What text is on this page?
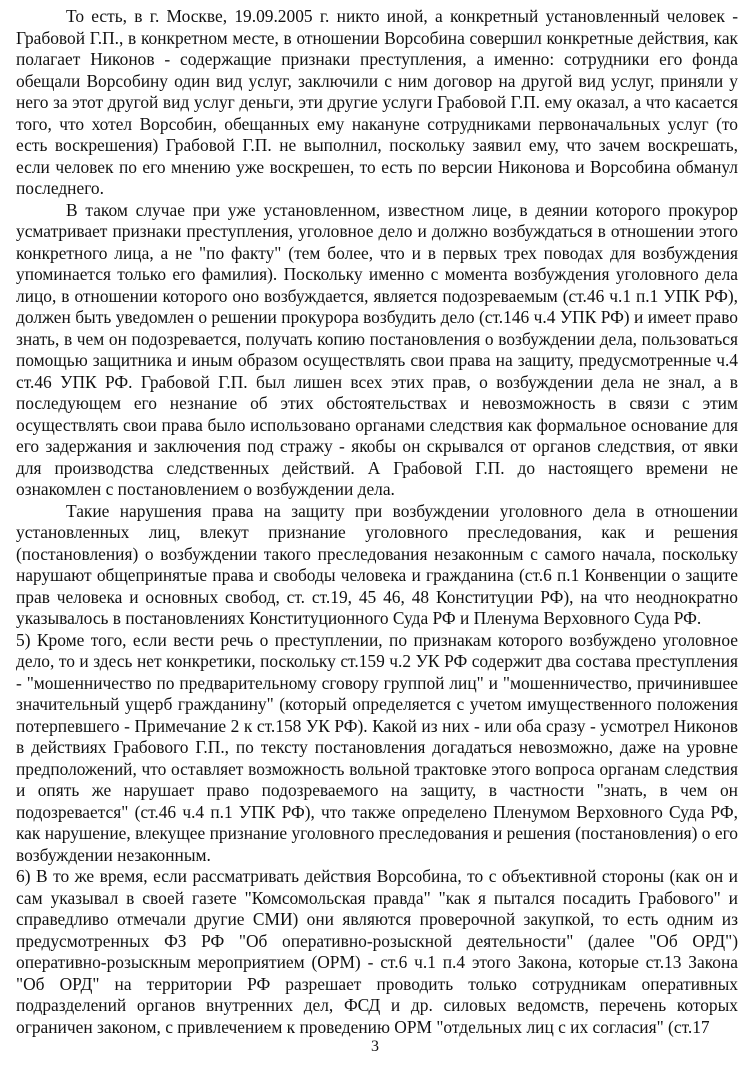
То есть, в г. Москве, 19.09.2005 г. никто иной, а конкретный установленный человек - Грабовой Г.П., в конкретном месте, в отношении Ворсобина совершил конкретные действия, как полагает Никонов - содержащие признаки преступления, а именно: сотрудники его фонда обещали Ворсобину один вид услуг, заключили с ним договор на другой вид услуг, приняли у него за этот другой вид услуг деньги, эти другие услуги Грабовой Г.П. ему оказал, а что касается того, что хотел Ворсобин, обещанных ему накануне сотрудниками первоначальных услуг (то есть воскрешения) Грабовой Г.П. не выполнил, поскольку заявил ему, что зачем воскрешать, если человек по его мнению уже воскрешен, то есть по версии Никонова и Ворсобина обманул последнего.

В таком случае при уже установленном, известном лице, в деянии которого прокурор усматривает признаки преступления, уголовное дело и должно возбуждаться в отношении этого конкретного лица, а не "по факту" (тем более, что и в первых трех поводах для возбуждения упоминается только его фамилия). Поскольку именно с момента возбуждения уголовного дела лицо, в отношении которого оно возбуждается, является подозреваемым (ст.46 ч.1 п.1 УПК РФ), должен быть уведомлен о решении прокурора возбудить дело (ст.146 ч.4 УПК РФ) и имеет право знать, в чем он подозревается, получать копию постановления о возбуждении дела, пользоваться помощью защитника и иным образом осуществлять свои права на защиту, предусмотренные ч.4 ст.46 УПК РФ. Грабовой Г.П. был лишен всех этих прав, о возбуждении дела не знал, а в последующем его незнание об этих обстоятельствах и невозможность в связи с этим осуществлять свои права было использовано органами следствия как формальное основание для его задержания и заключения под стражу - якобы он скрывался от органов следствия, от явки для производства следственных действий. А Грабовой Г.П. до настоящего времени не ознакомлен с постановлением о возбуждении дела.

Такие нарушения права на защиту при возбуждении уголовного дела в отношении установленных лиц, влекут признание уголовного преследования, как и решения (постановления) о возбуждении такого преследования незаконным с самого начала, поскольку нарушают общепринятые права и свободы человека и гражданина (ст.6 п.1 Конвенции о защите прав человека и основных свобод, ст. ст.19, 45 46, 48 Конституции РФ), на что неоднократно указывалось в постановлениях Конституционного Суда РФ и Пленума Верховного Суда РФ.

5) Кроме того, если вести речь о преступлении, по признакам которого возбуждено уголовное дело, то и здесь нет конкретики, поскольку ст.159 ч.2 УК РФ содержит два состава преступления - "мошенничество по предварительному сговору группой лиц" и "мошенничество, причинившее значительный ущерб гражданину" (который определяется с учетом имущественного положения потерпевшего - Примечание 2 к ст.158 УК РФ). Какой из них - или оба сразу - усмотрел Никонов в действиях Грабового Г.П., по тексту постановления догадаться невозможно, даже на уровне предположений, что оставляет возможность вольной трактовке этого вопроса органам следствия и опять же нарушает право подозреваемого на защиту, в частности "знать, в чем он подозревается" (ст.46 ч.4 п.1 УПК РФ), что также определено Пленумом Верховного Суда РФ, как нарушение, влекущее признание уголовного преследования и решения (постановления) о его возбуждении незаконным.

6) В то же время, если рассматривать действия Ворсобина, то с объективной стороны (как он и сам указывал в своей газете "Комсомольская правда" "как я пытался посадить Грабового" и справедливо отмечали другие СМИ) они являются проверочной закупкой, то есть одним из предусмотренных ФЗ РФ "Об оперативно-розыскной деятельности" (далее "Об ОРД") оперативно-розыскным мероприятием (ОРМ) - ст.6 ч.1 п.4 этого Закона, которые ст.13 Закона "Об ОРД" на территории РФ разрешает проводить только сотрудникам оперативных подразделений органов внутренних дел, ФСД и др. силовых ведомств, перечень которых ограничен законом, с привлечением к проведению ОРМ "отдельных лиц с их согласия" (ст.17

3
